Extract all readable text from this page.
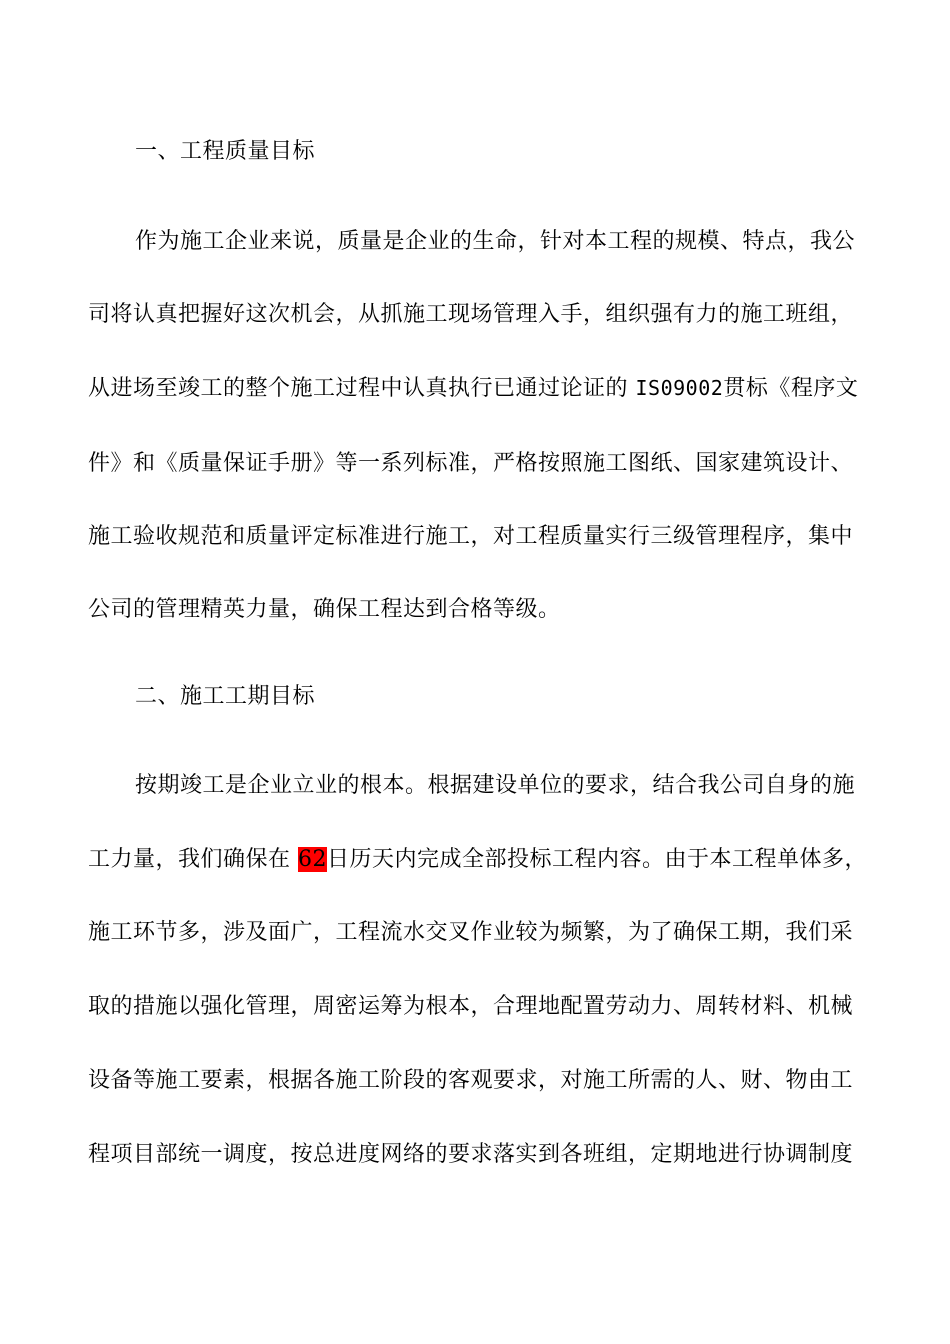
一、工程质量目标
作为施工企业来说，质量是企业的生命，针对本工程的规模、特点，我公
司将认真把握好这次机会，从抓施工现场管理入手，组织强有力的施工班组，
从进场至竣工的整个施工过程中认真执行已通过论证的 IS09002贯标《程序文
件》和《质量保证手册》等一系列标准，严格按照施工图纸、国家建筑设计、
施工验收规范和质量评定标准进行施工，对工程质量实行三级管理程序，集中
公司的管理精英力量，确保工程达到合格等级。
二、施工工期目标
按期竣工是企业立业的根本。根据建设单位的要求，结合我公司自身的施
工力量，我们确保在 62日历天内完成全部投标工程内容。由于本工程单体多，
施工环节多，涉及面广，工程流水交叉作业较为频繁，为了确保工期，我们采
取的措施以强化管理，周密运筹为根本，合理地配置劳动力、周转材料、机械
设备等施工要素，根据各施工阶段的客观要求，对施工所需的人、财、物由工
程项目部统一调度，按总进度网络的要求落实到各班组，定期地进行协调制度
